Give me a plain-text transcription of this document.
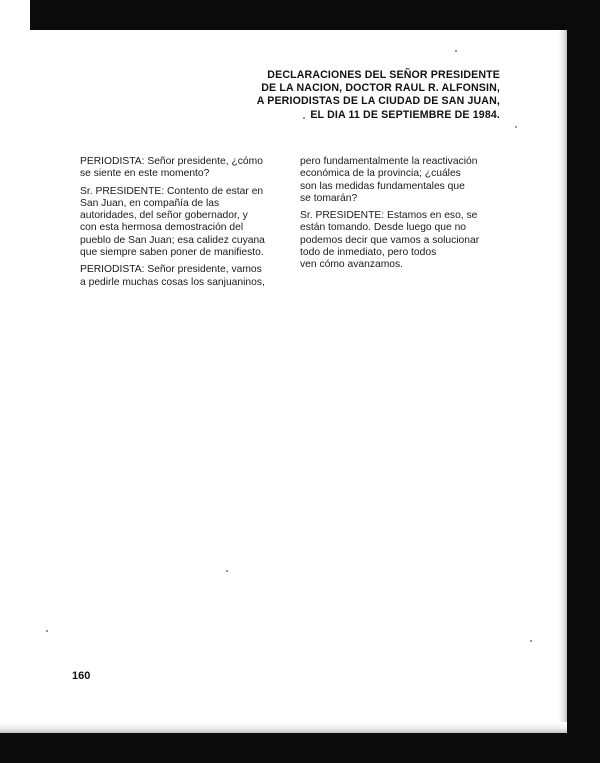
DECLARACIONES DEL SEÑOR PRESIDENTE
DE LA NACION, DOCTOR RAUL R. ALFONSIN,
A PERIODISTAS DE LA CIUDAD DE SAN JUAN,
EL DIA 11 DE SEPTIEMBRE DE 1984.

PERIODISTA: Señor presidente, ¿cómo
se siente en este momento?

Sr. PRESIDENTE: Contento de estar en
San Juan, en compañía de las
autoridades, del señor gobernador, y
con esta hermosa demostración del
pueblo de San Juan; esa calidez cuyana
que siempre saben poner de manifiesto.

PERIODISTA: Señor presidente, vamos
a pedirle muchas cosas los sanjuaninos,

pero fundamentalmente la reactivación
económica de la provincia; ¿cuáles
son las medidas fundamentales que
se tomarán?

Sr. PRESIDENTE: Estamos en eso, se
están tomando. Desde luego que no
podemos decir que vamos a solucionar
todo de inmediato, pero todos
ven cómo avanzamos.

160
